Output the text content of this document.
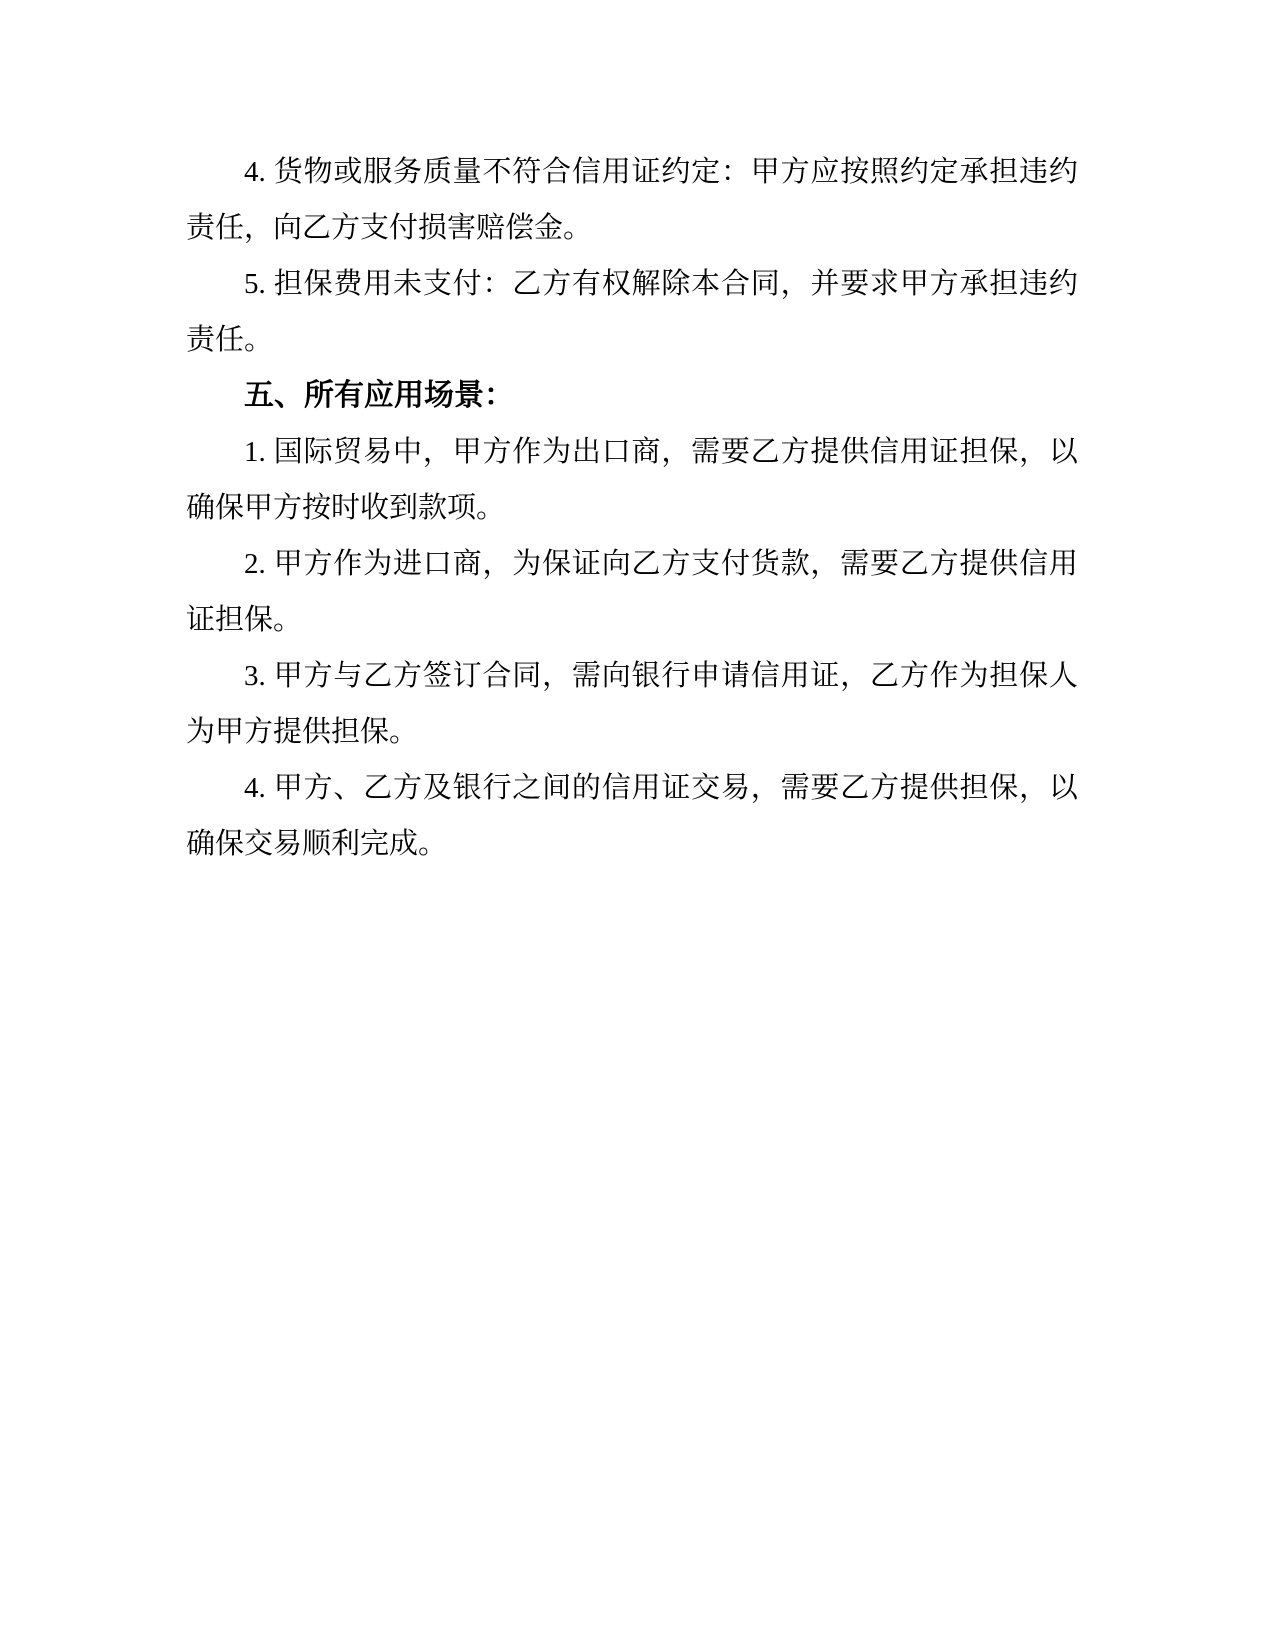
4. 货 物 或 服 务 质 量 不 符 合 信 用 证 约 定 ： 甲 方 应 按 照 约 定 承 担 违 约
责任，向乙方支付损害赔偿金。
5. 担 保 费 用 未 支 付 ： 乙 方 有 权 解 除 本 合 同 ， 并 要 求 甲 方 承 担 违 约
责任。
五、所有应用场景：
1. 国 际 贸 易 中 ， 甲 方 作 为 出 口 商 ， 需 要 乙 方 提 供 信 用 证 担 保 ， 以
确保甲方按时收到款项。
2. 甲 方 作 为 进 口 商 ， 为 保 证 向 乙 方 支 付 货 款 ， 需 要 乙 方 提 供 信 用
证担保。
3. 甲 方 与 乙 方 签 订 合 同 ， 需 向 银 行 申 请 信 用 证 ， 乙 方 作 为 担 保 人
为甲方提供担保。
4. 甲 方 、 乙 方 及 银 行 之 间 的 信 用 证 交 易 ， 需 要 乙 方 提 供 担 保 ， 以
确保交易顺利完成。
